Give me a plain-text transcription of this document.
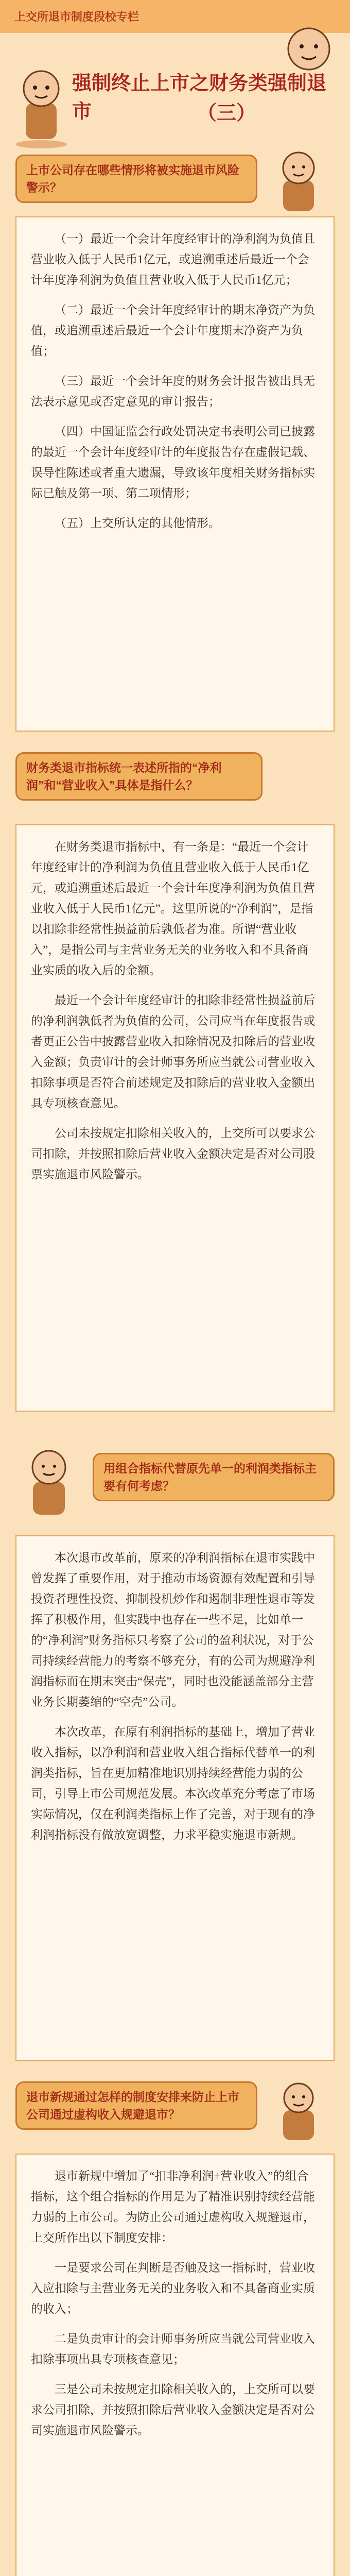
上交所退市制度段校专栏
强制终止上市之财务类强制退市	（三）
上市公司存在哪些情形将被实施退市风险警示？

（一）最近一个会计年度经审计的净利润为负值且营业收入低于人民币1亿元，或追溯重述后最近一个会计年度净利润为负值且营业收入低于人民币1亿元；

（二）最近一个会计年度经审计的期末净资产为负值，或追溯重述后最近一个会计年度期末净资产为负值；

（三）最近一个会计年度的财务会计报告被出具无法表示意见或否定意见的审计报告；

（四）中国证监会行政处罚决定书表明公司已披露的最近一个会计年度经审计的年度报告存在虚假记载、误导性陈述或者重大遗漏，导致该年度相关财务指标实际已触及第一项、第二项情形；

（五）上交所认定的其他情形。

财务类退市指标统一表述所指的“净利润”和“营业收入”具体是指什么？

在财务类退市指标中，有一条是：“最近一个会计年度经审计的净利润为负值且营业收入低于人民币1亿元，或追溯重述后最近一个会计年度净利润为负值且营业收入低于人民币1亿元”。这里所说的“净利润”，是指以扣除非经常性损益前后孰低者为准。所谓“营业收入”，是指公司与主营业务无关的业务收入和不具备商业实质的收入后的金额。

最近一个会计年度经审计的扣除非经常性损益前后的净利润孰低者为负值的公司，公司应当在年度报告或者更正公告中披露营业收入扣除情况及扣除后的营业收入金额；负责审计的会计师事务所应当就公司营业收入扣除事项是否符合前述规定及扣除后的营业收入金额出具专项核查意见。

公司未按规定扣除相关收入的，上交所可以要求公司扣除，并按照扣除后营业收入金额决定是否对公司股票实施退市风险警示。

用组合指标代替原先单一的利润类指标主要有何考虑？

本次退市改革前，原来的净利润指标在退市实践中曾发挥了重要作用，对于推动市场资源有效配置和引导投资者理性投资、抑制投机炒作和遏制非理性退市等发挥了积极作用，但实践中也存在一些不足，比如单一的“净利润”财务指标只考察了公司的盈利状况，对于公司持续经营能力的考察不够充分，有的公司为规避净利润指标而在期末突击“保壳”，同时也没能涵盖部分主营业务长期萎缩的“空壳”公司。

本次改革，在原有利润指标的基础上，增加了营业收入指标，以净利润和营业收入组合指标代替单一的利润类指标，旨在更加精准地识别持续经营能力弱的公司，引导上市公司规范发展。本次改革充分考虑了市场实际情况，仅在利润类指标上作了完善，对于现有的净利润指标没有做放宽调整，力求平稳实施退市新规。

退市新规通过怎样的制度安排来防止上市公司通过虚构收入规避退市？

退市新规中增加了“扣非净利润+营业收入”的组合指标，这个组合指标的作用是为了精准识别持续经营能力弱的上市公司。为防止公司通过虚构收入规避退市，上交所作出以下制度安排：

一是要求公司在判断是否触及这一指标时，营业收入应扣除与主营业务无关的业务收入和不具备商业实质的收入；

二是负责审计的会计师事务所应当就公司营业收入扣除事项出具专项核查意见；

三是公司未按规定扣除相关收入的，上交所可以要求公司扣除，并按照扣除后营业收入金额决定是否对公司实施退市风险警示。
